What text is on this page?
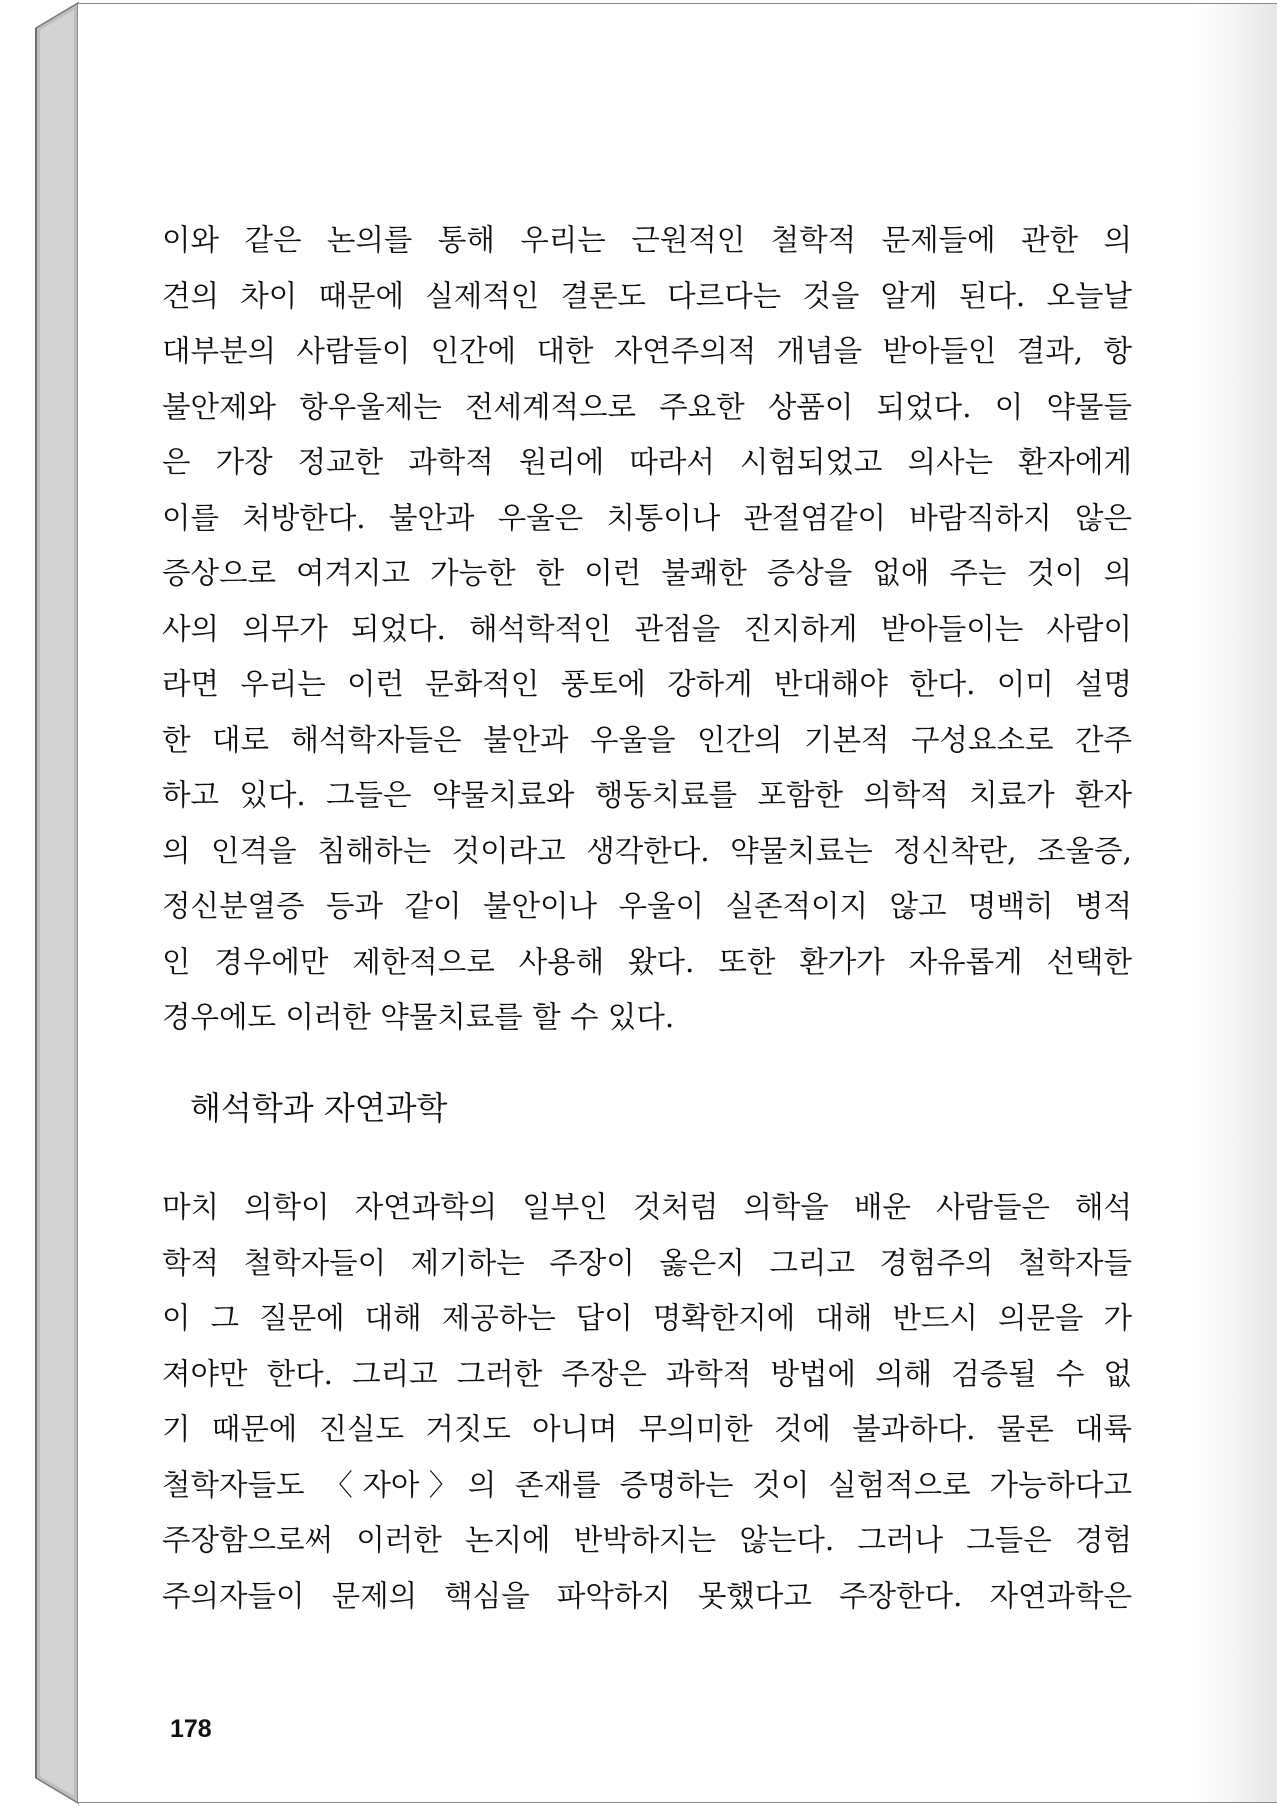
이와 같은 논의를 통해 우리는 근원적인 철학적 문제들에 관한 의
견의 차이 때문에 실제적인 결론도 다르다는 것을 알게 된다. 오늘날
대부분의 사람들이 인간에 대한 자연주의적 개념을 받아들인 결과, 항
불안제와 항우울제는 전세계적으로 주요한 상품이 되었다. 이 약물들
은 가장 정교한 과학적 원리에 따라서 시험되었고 의사는 환자에게
이를 처방한다. 불안과 우울은 치통이나 관절염같이 바람직하지 않은
증상으로 여겨지고 가능한 한 이런 불쾌한 증상을 없애 주는 것이 의
사의 의무가 되었다. 해석학적인 관점을 진지하게 받아들이는 사람이
라면 우리는 이런 문화적인 풍토에 강하게 반대해야 한다. 이미 설명
한 대로 해석학자들은 불안과 우울을 인간의 기본적 구성요소로 간주
하고 있다. 그들은 약물치료와 행동치료를 포함한 의학적 치료가 환자
의 인격을 침해하는 것이라고 생각한다. 약물치료는 정신착란, 조울증,
정신분열증 등과 같이 불안이나 우울이 실존적이지 않고 명백히 병적
인 경우에만 제한적으로 사용해 왔다. 또한 환가가 자유롭게 선택한
경우에도 이러한 약물치료를 할 수 있다.
해석학과 자연과학
마치 의학이 자연과학의 일부인 것처럼 의학을 배운 사람들은 해석
학적 철학자들이 제기하는 주장이 옳은지 그리고 경험주의 철학자들
이 그 질문에 대해 제공하는 답이 명확한지에 대해 반드시 의문을 가
져야만 한다. 그리고 그러한 주장은 과학적 방법에 의해 검증될 수 없
기 때문에 진실도 거짓도 아니며 무의미한 것에 불과하다. 물론 대륙
철학자들도 〈자아〉의 존재를 증명하는 것이 실험적으로 가능하다고
주장함으로써 이러한 논지에 반박하지는 않는다. 그러나 그들은 경험
주의자들이 문제의 핵심을 파악하지 못했다고 주장한다. 자연과학은
178
